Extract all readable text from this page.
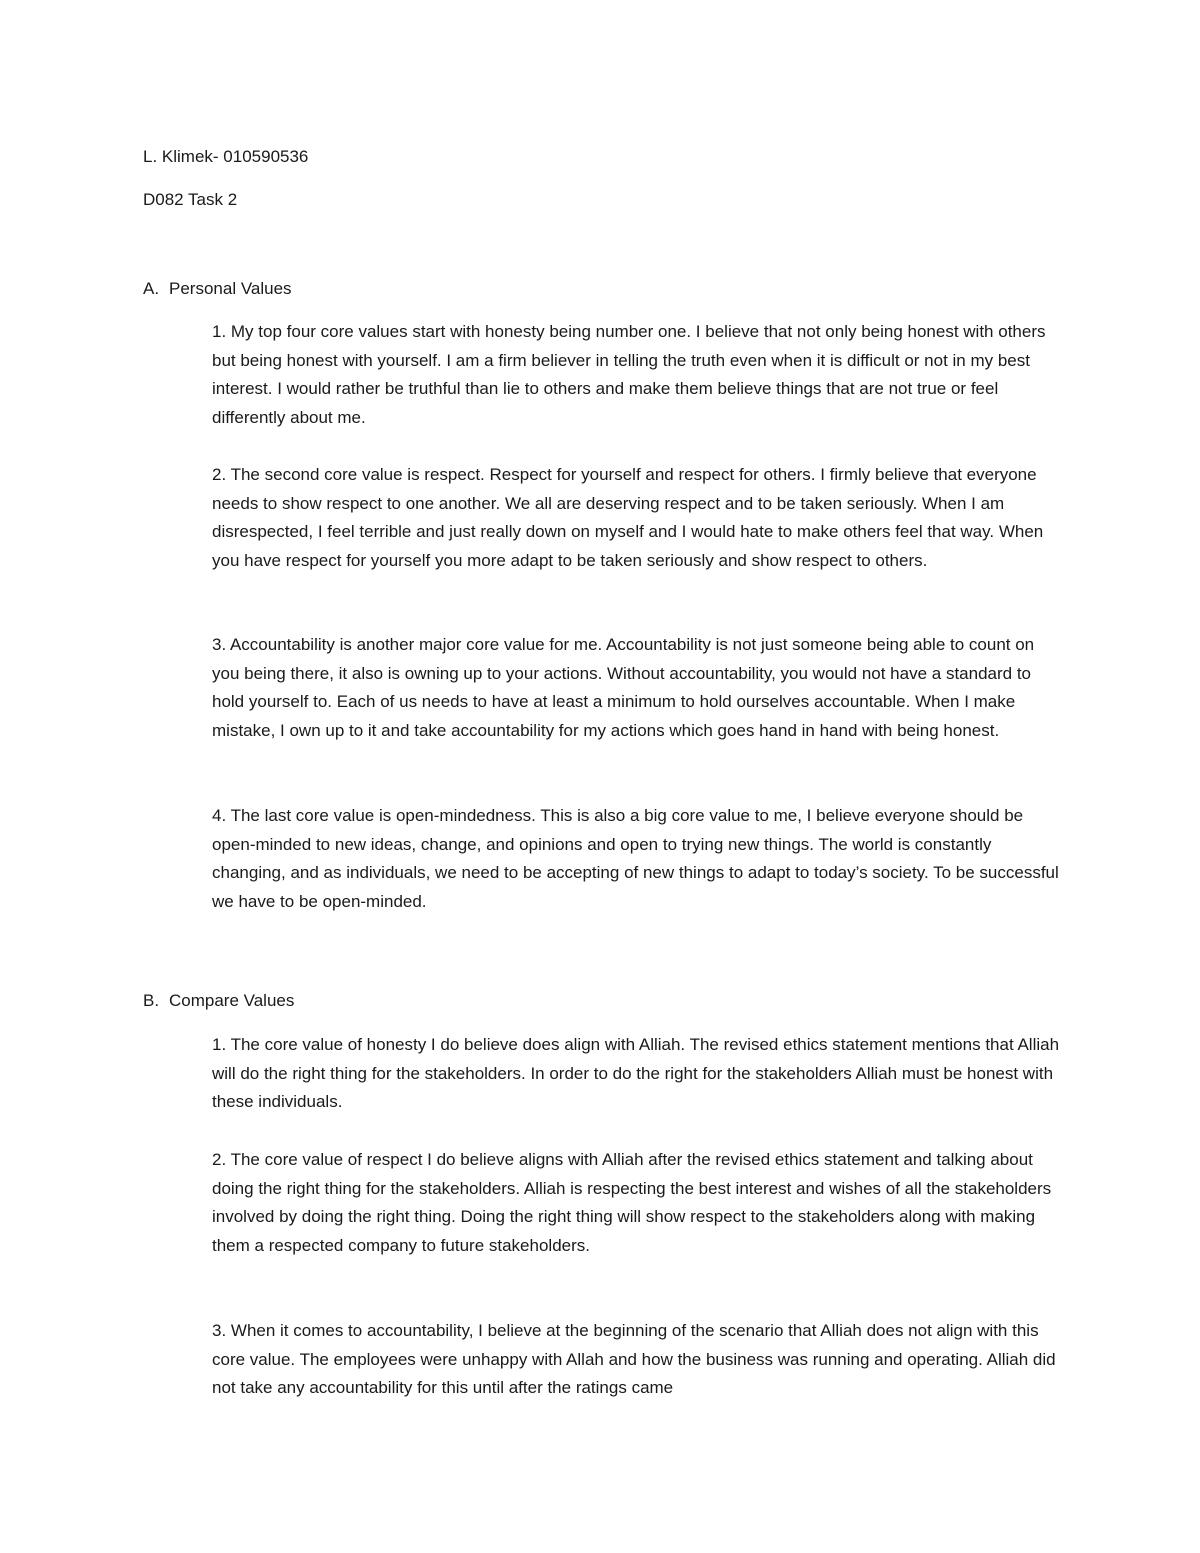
L. Klimek- 010590536
D082 Task 2
A. Personal Values

1. My top four core values start with honesty being number one. I believe that not only being honest with others but being honest with yourself. I am a firm believer in telling the truth even when it is difficult or not in my best interest. I would rather be truthful than lie to others and make them believe things that are not true or feel differently about me.

2. The second core value is respect. Respect for yourself and respect for others. I firmly believe that everyone needs to show respect to one another. We all are deserving respect and to be taken seriously. When I am disrespected, I feel terrible and just really down on myself and I would hate to make others feel that way. When you have respect for yourself you more adapt to be taken seriously and show respect to others.

3. Accountability is another major core value for me. Accountability is not just someone being able to count on you being there, it also is owning up to your actions. Without accountability, you would not have a standard to hold yourself to. Each of us needs to have at least a minimum to hold ourselves accountable. When I make mistake, I own up to it and take accountability for my actions which goes hand in hand with being honest.

4. The last core value is open-mindedness. This is also a big core value to me, I believe everyone should be open-minded to new ideas, change, and opinions and open to trying new things. The world is constantly changing, and as individuals, we need to be accepting of new things to adapt to today’s society. To be successful we have to be open-minded.

B. Compare Values

1. The core value of honesty I do believe does align with Alliah. The revised ethics statement mentions that Alliah will do the right thing for the stakeholders. In order to do the right for the stakeholders Alliah must be honest with these individuals.

2. The core value of respect I do believe aligns with Alliah after the revised ethics statement and talking about doing the right thing for the stakeholders. Alliah is respecting the best interest and wishes of all the stakeholders involved by doing the right thing. Doing the right thing will show respect to the stakeholders along with making them a respected company to future stakeholders.

3. When it comes to accountability, I believe at the beginning of the scenario that Alliah does not align with this core value. The employees were unhappy with Allah and how the business was running and operating. Alliah did not take any accountability for this until after the ratings came
